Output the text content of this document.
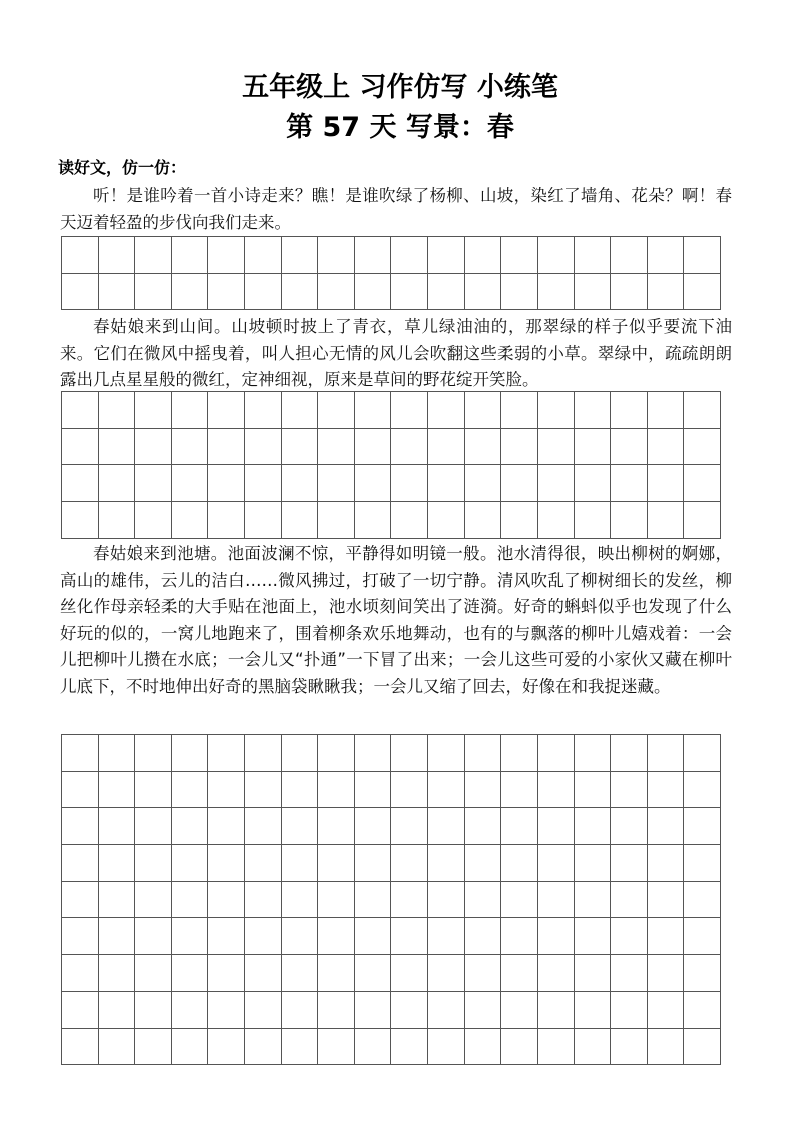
五年级上 习作仿写 小练笔
第 57 天 写景：春
读好文，仿一仿：

听！是谁吟着一首小诗走来？瞧！是谁吹绿了杨柳、山坡，染红了墙角、花朵？啊！春天迈着轻盈的步伐向我们走来。

春姑娘来到山间。山坡顿时披上了青衣，草儿绿油油的，那翠绿的样子似乎要流下油来。它们在微风中摇曳着，叫人担心无情的风儿会吹翻这些柔弱的小草。翠绿中，疏疏朗朗露出几点星星般的微红，定神细视，原来是草间的野花绽开笑脸。

春姑娘来到池塘。池面波澜不惊，平静得如明镜一般。池水清得很，映出柳树的婀娜，高山的雄伟，云儿的洁白……微风拂过，打破了一切宁静。清风吹乱了柳树细长的发丝，柳丝化作母亲轻柔的大手贴在池面上，池水顷刻间笑出了涟漪。好奇的蝌蚪似乎也发现了什么好玩的似的，一窝儿地跑来了，围着柳条欢乐地舞动，也有的与飘落的柳叶儿嬉戏着：一会儿把柳叶儿攒在水底；一会儿又“扑通”一下冒了出来；一会儿这些可爱的小家伙又藏在柳叶儿底下，不时地伸出好奇的黑脑袋瞅瞅我；一会儿又缩了回去，好像在和我捉迷藏。
